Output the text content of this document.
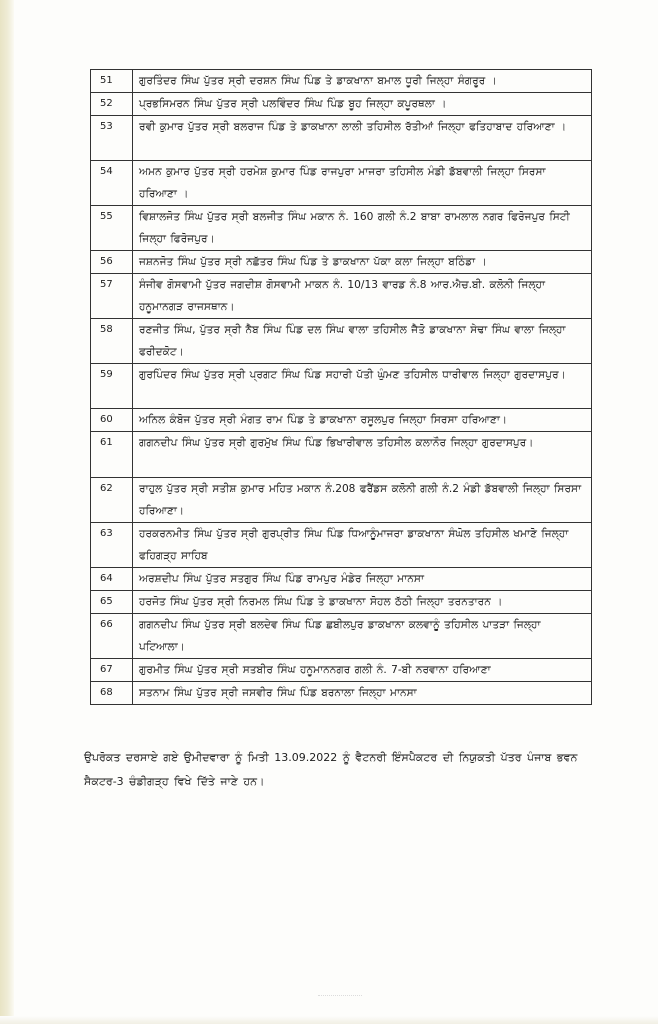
51	ਗੁਰਤਿੰਦਰ ਸਿੰਘ ਪੁੱਤਰ ਸ੍ਰੀ ਦਰਸ਼ਨ ਸਿੰਘ ਪਿੰਡ ਤੇ ਡਾਕਖਾਨਾ ਬਮਾਲ ਧੂਰੀ ਜਿਲ੍ਹਾ ਸੰਗਰੂਰ ।
52	ਪ੍ਰਭਸਿਮਰਨ ਸਿੰਘ ਪੁੱਤਰ ਸ੍ਰੀ ਪਲਵਿੰਦਰ ਸਿੰਘ ਪਿੰਡ ਬੂਹ ਜਿਲ੍ਹਾ ਕਪੂਰਥਲਾ ।
53	ਰਵੀ ਕੁਮਾਰ ਪੁੱਤਰ ਸ੍ਰੀ ਬਲਰਾਜ ਪਿੰਡ ਤੇ ਡਾਕਖਾਨਾ ਲਾਲੀ ਤਹਿਸੀਲ ਰੱਤੀਆਂ ਜਿਲ੍ਹਾ ਫਤਿਹਾਬਾਦ ਹਰਿਆਣਾ ।
54	ਅਮਨ ਕੁਮਾਰ ਪੁੱਤਰ ਸ੍ਰੀ ਹਰਮੇਸ਼ ਕੁਮਾਰ ਪਿੰਡ ਰਾਜਪੁਰਾ ਮਾਜਰਾ ਤਹਿਸੀਲ ਮੰਡੀ ਡੱਬਵਾਲੀ ਜਿਲ੍ਹਾ ਸਿਰਸਾ ਹਰਿਆਣਾ ।
55	ਵਿਸ਼ਾਲਜੋਤ ਸਿੰਘ ਪੁੱਤਰ ਸ੍ਰੀ ਬਲਜੀਤ ਸਿੰਘ ਮਕਾਨ ਨੰ. 160 ਗਲੀ ਨੰ.2 ਬਾਬਾ ਰਾਮਲਾਲ ਨਗਰ ਫਿਰੋਜਪੁਰ ਸਿਟੀ ਜਿਲ੍ਹਾ ਫਿਰੋਜਪੁਰ।
56	ਜਸ਼ਨਜੋਤ ਸਿੰਘ ਪੁੱਤਰ ਸ੍ਰੀ ਨਛੱਤਰ ਸਿੰਘ ਪਿੰਡ ਤੇ ਡਾਕਖਾਨਾ ਪੱਕਾ ਕਲਾ ਜਿਲ੍ਹਾ ਬਠਿੰਡਾ ।
57	ਸੰਜੀਵ ਗੋਸਵਾਮੀ ਪੁੱਤਰ ਜਗਦੀਸ਼ ਗੋਸਵਾਮੀ ਮਾਕਨ ਨੰ. 10/13 ਵਾਰਡ ਨੰ.8 ਆਰ.ਐਚ.ਬੀ. ਕਲੋਨੀ ਜਿਲ੍ਹਾ ਹਨੂਮਾਨਗੜ ਰਾਜਸਥਾਨ।
58	ਰਣਜੀਤ ਸਿੰਘ, ਪੁੱਤਰ ਸ੍ਰੀ ਨੈਬ ਸਿੰਘ ਪਿੰਡ ਦਲ ਸਿੰਘ ਵਾਲਾ ਤਹਿਸੀਲ ਜੈਤੋ ਡਾਕਖਾਨਾ ਸੇਢਾ ਸਿੰਘ ਵਾਲਾ ਜਿਲ੍ਹਾ ਫਰੀਦਕੋਟ।
59	ਗੁਰਪਿੰਦਰ ਸਿੰਘ ਪੁੱਤਰ ਸ੍ਰੀ ਪ੍ਰਗਟ ਸਿੰਘ ਪਿੰਡ ਸਹਾਰੀ ਪੱਤੀ ਘੁੰਮਣ ਤਹਿਸੀਲ ਧਾਰੀਵਾਲ ਜਿਲ੍ਹਾ ਗੁਰਦਾਸਪੁਰ।
60	ਅਨਿਲ ਕੰਬੋਜ ਪੁੱਤਰ ਸ੍ਰੀ ਮੰਗਤ ਰਾਮ ਪਿੰਡ ਤੇ ਡਾਕਖਾਨਾ ਰਸੂਲਪੁਰ ਜਿਲ੍ਹਾ ਸਿਰਸਾ ਹਰਿਆਣਾ।
61	ਗਗਨਦੀਪ ਸਿੰਘ ਪੁੱਤਰ ਸ੍ਰੀ ਗੁਰਮੁੱਖ ਸਿੰਘ ਪਿੰਡ ਭਿਖਾਰੀਵਾਲ ਤਹਿਸੀਲ ਕਲਾਨੌਰ ਜਿਲ੍ਹਾ ਗੁਰਦਾਸਪੁਰ।
62	ਰਾਹੁਲ ਪੁੱਤਰ ਸ੍ਰੀ ਸਤੀਸ਼ ਕੁਮਾਰ ਮਹਿਤ ਮਕਾਨ ਨੰ.208 ਫਰੈਂਡਸ ਕਲੋਨੀ ਗਲੀ ਨੰ.2 ਮੰਡੀ ਡੱਬਵਾਲੀ ਜਿਲ੍ਹਾ ਸਿਰਸਾ ਹਰਿਆਣਾ।
63	ਹਰਕਰਨਮੀਤ ਸਿੰਘ ਪੁੱਤਰ ਸ੍ਰੀ ਗੁਰਪ੍ਰੀਤ ਸਿੰਘ ਪਿੰਡ ਧਿਆਨੂੰਮਾਜਰਾ ਡਾਕਖਾਨਾ ਸੰਘੋਲ ਤਹਿਸੀਲ ਖਮਾਣੋ ਜਿਲ੍ਹਾ ਫਹਿਗੜ੍ਹ ਸਾਹਿਬ
64	ਅਰਸ਼ਦੀਪ ਸਿੰਘ ਪੁੱਤਰ ਸਤਗੁਰ ਸਿੰਘ ਪਿੰਡ ਰਾਮਪੁਰ ਮੰਡੇਰ ਜਿਲ੍ਹਾ ਮਾਨਸਾ
65	ਹਰਜੋਤ ਸਿੰਘ ਪੁੱਤਰ ਸ੍ਰੀ ਨਿਰਮਲ ਸਿੰਘ ਪਿੰਡ ਤੇ ਡਾਕਖਾਨਾ ਸੋਹਲ ਠੱਠੀ ਜਿਲ੍ਹਾ ਤਰਨਤਾਰਨ ।
66	ਗਗਨਦੀਪ ਸਿੰਘ ਪੁੱਤਰ ਸ੍ਰੀ ਬਲਦੇਵ ਸਿੰਘ ਪਿੰਡ ਛਬੀਲਪੁਰ ਡਾਕਖਾਨਾ ਕਲਵਾਨੂੰ ਤਹਿਸੀਲ ਪਾਤੜਾ ਜਿਲ੍ਹਾ ਪਟਿਆਲਾ।
67	ਗੁਰਮੀਤ ਸਿੰਘ ਪੁੱਤਰ ਸ੍ਰੀ ਸਤਬੀਰ ਸਿੰਘ ਹਨੂਮਾਨਨਗਰ ਗਲੀ ਨੰ. 7-ਬੀ ਨਰਵਾਨਾ ਹਰਿਆਣਾ
68	ਸਤਨਾਮ ਸਿੰਘ ਪੁੱਤਰ ਸ੍ਰੀ ਜਸਵੀਰ ਸਿੰਘ ਪਿੰਡ ਬਰਨਾਲਾ ਜਿਲ੍ਹਾ ਮਾਨਸਾ
ਉਪਰੋਕਤ ਦਰਸਾਏ ਗਏ ਉਮੀਦਵਾਰਾ ਨੂੰ ਮਿਤੀ 13.09.2022 ਨੂੰ ਵੈਟਨਰੀ ਇੰਸਪੈਕਟਰ ਦੀ ਨਿਯੁਕਤੀ ਪੱਤਰ ਪੰਜਾਬ ਭਵਨ ਸੈਕਟਰ-3 ਚੰਡੀਗੜ੍ਹ ਵਿਖੇ ਦਿੱਤੇ ਜਾਣੇ ਹਨ।
